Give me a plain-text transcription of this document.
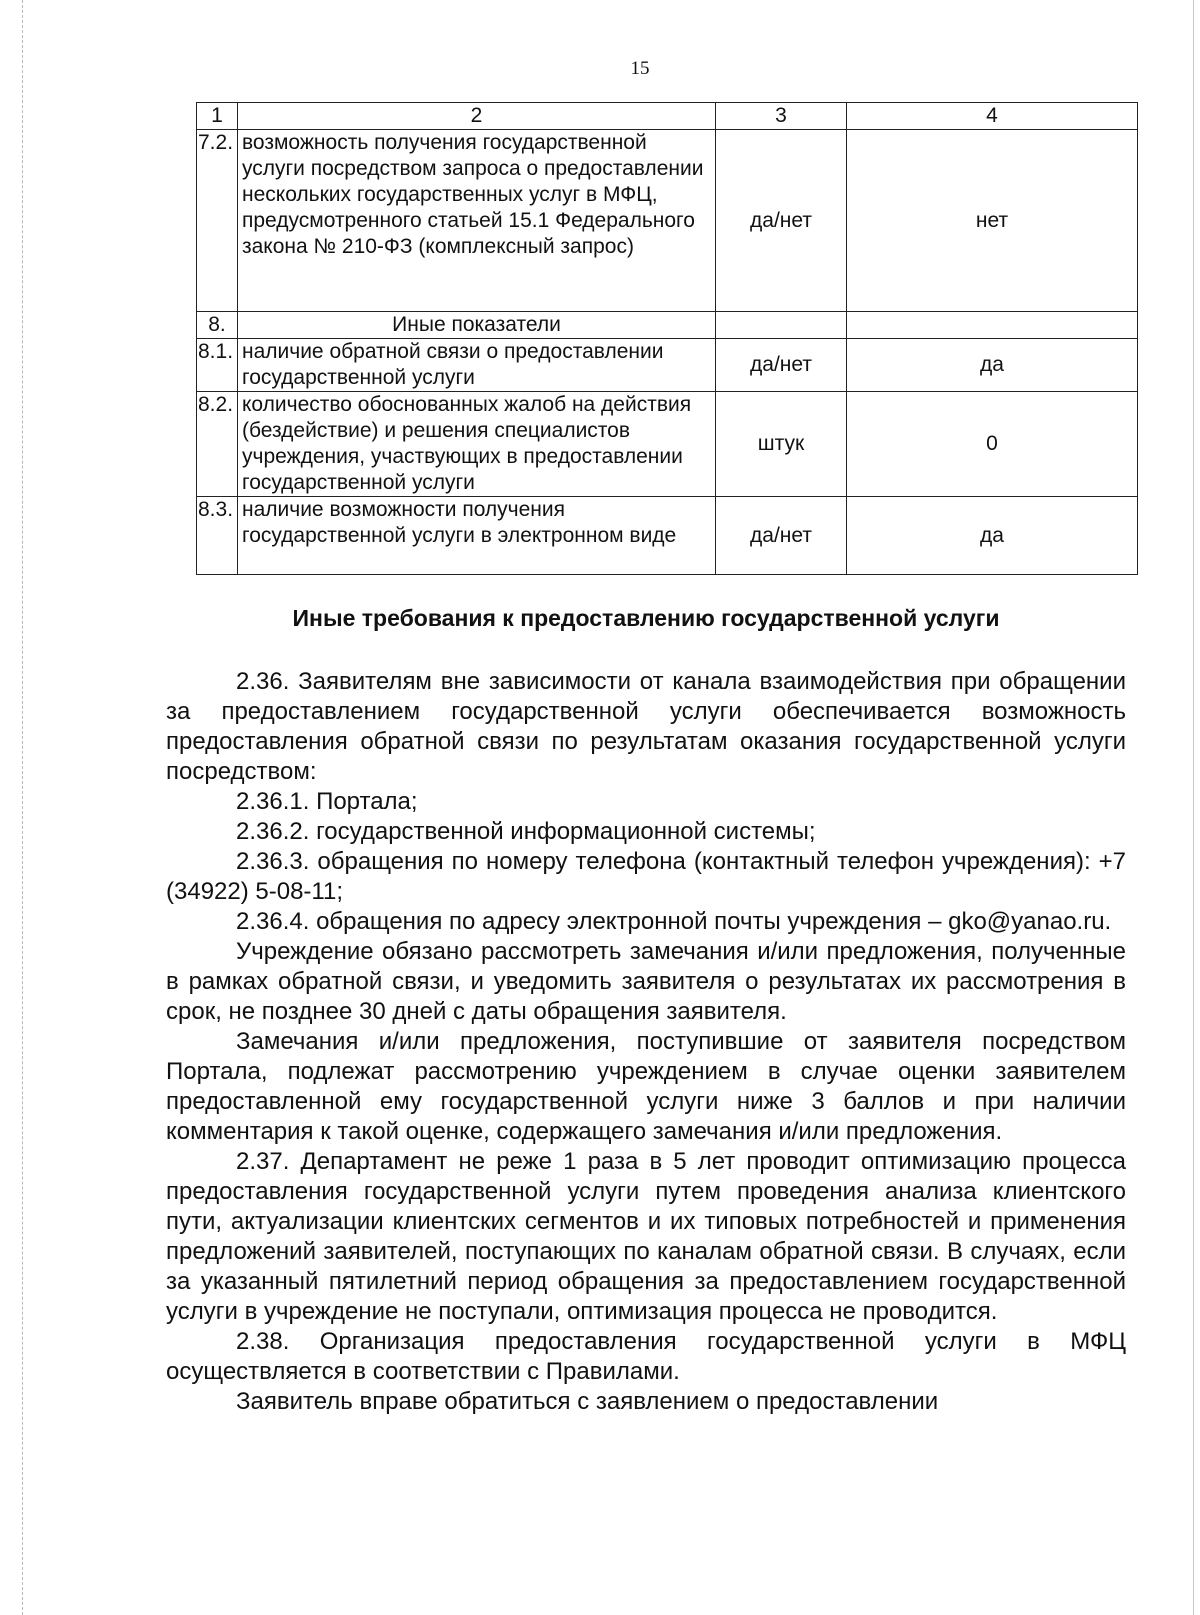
15
1	2	3	4
7.2.	возможность получения государственной услуги посредством запроса о предоставлении нескольких государственных услуг в МФЦ, предусмотренного статьей 15.1 Федерального закона № 210-ФЗ (комплексный запрос)	да/нет	нет
8.	Иные показатели		
8.1.	наличие обратной связи о предоставлении государственной услуги	да/нет	да
8.2.	количество обоснованных жалоб на действия (бездействие) и решения специалистов учреждения, участвующих в предоставлении государственной услуги	штук	0
8.3.	наличие возможности получения государственной услуги в электронном виде	да/нет	да
Иные требования к предоставлению государственной услуги

2.36. Заявителям вне зависимости от канала взаимодействия при обращении за предоставлением государственной услуги обеспечивается возможность предоставления обратной связи по результатам оказания государственной услуги посредством:

2.36.1. Портала;

2.36.2. государственной информационной системы;

2.36.3. обращения по номеру телефона (контактный телефон учреждения): +7 (34922) 5-08-11;

2.36.4. обращения по адресу электронной почты учреждения – gko@yanao.ru.

Учреждение обязано рассмотреть замечания и/или предложения, полученные в рамках обратной связи, и уведомить заявителя о результатах их рассмотрения в срок, не позднее 30 дней с даты обращения заявителя.

Замечания и/или предложения, поступившие от заявителя посредством Портала, подлежат рассмотрению учреждением в случае оценки заявителем предоставленной ему государственной услуги ниже 3 баллов и при наличии комментария к такой оценке, содержащего замечания и/или предложения.

2.37. Департамент не реже 1 раза в 5 лет проводит оптимизацию процесса предоставления государственной услуги путем проведения анализа клиентского пути, актуализации клиентских сегментов и их типовых потребностей и применения предложений заявителей, поступающих по каналам обратной связи. В случаях, если за указанный пятилетний период обращения за предоставлением государственной услуги в учреждение не поступали, оптимизация процесса не проводится.

2.38. Организация предоставления государственной услуги в МФЦ осуществляется в соответствии с Правилами.

Заявитель вправе обратиться с заявлением о предоставлении
